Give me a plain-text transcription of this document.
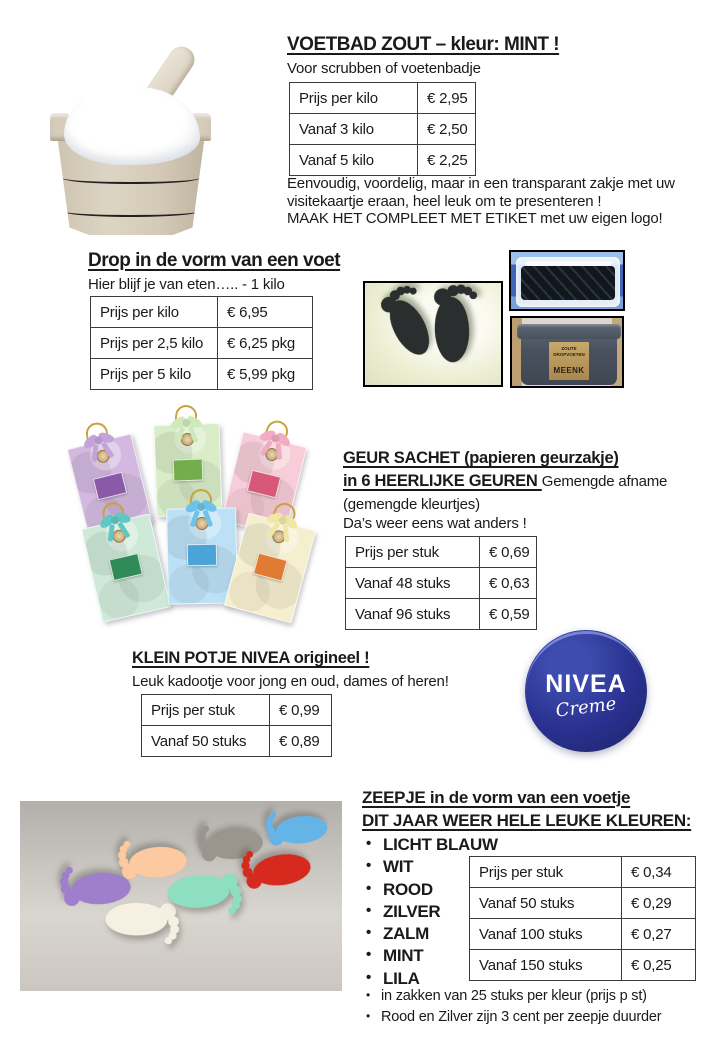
VOETBAD ZOUT – kleur: MINT !
Voor scrubben of voetenbadje
Prijs per kilo	€ 2,95
Vanaf 3 kilo	€ 2,50
Vanaf 5 kilo	€ 2,25
Eenvoudig, voordelig, maar in een transparant zakje met uw
visitekaartje eraan, heel leuk om te presenteren !
MAAK HET COMPLEET MET ETIKET met uw eigen logo!
Drop in de vorm van een voet
Hier blijf je van eten….. - 1 kilo
Prijs per kilo	€ 6,95
Prijs per 2,5 kilo	€ 6,25 pkg
Prijs per 5 kilo	€ 5,99 pkg
ZOUTE
DROPVOETEN
MEENK
GEUR SACHET (papieren geurzakje)
in 6 HEERLIJKE GEUREN Gemengde afname
(gemengde kleurtjes)
Da’s weer eens wat anders !
Prijs per stuk	€ 0,69
Vanaf 48 stuks	€ 0,63
Vanaf 96 stuks	€ 0,59
KLEIN POTJE NIVEA origineel !
Leuk kadootje voor jong en oud, dames of heren!
Prijs per stuk	€ 0,99
Vanaf 50 stuks	€ 0,89
NIVEA
Creme
ZEEPJE in de vorm van een voetje
DIT JAAR WEER HELE LEUKE KLEUREN:
• LICHT BLAUW
• WIT
• ROOD
• ZILVER
• ZALM
• MINT
• LILA
Prijs per stuk	€ 0,34
Vanaf 50 stuks	€ 0,29
Vanaf 100 stuks	€ 0,27
Vanaf 150 stuks	€ 0,25
• in zakken van 25 stuks per kleur (prijs p st)
• Rood en Zilver zijn 3 cent per zeepje duurder
